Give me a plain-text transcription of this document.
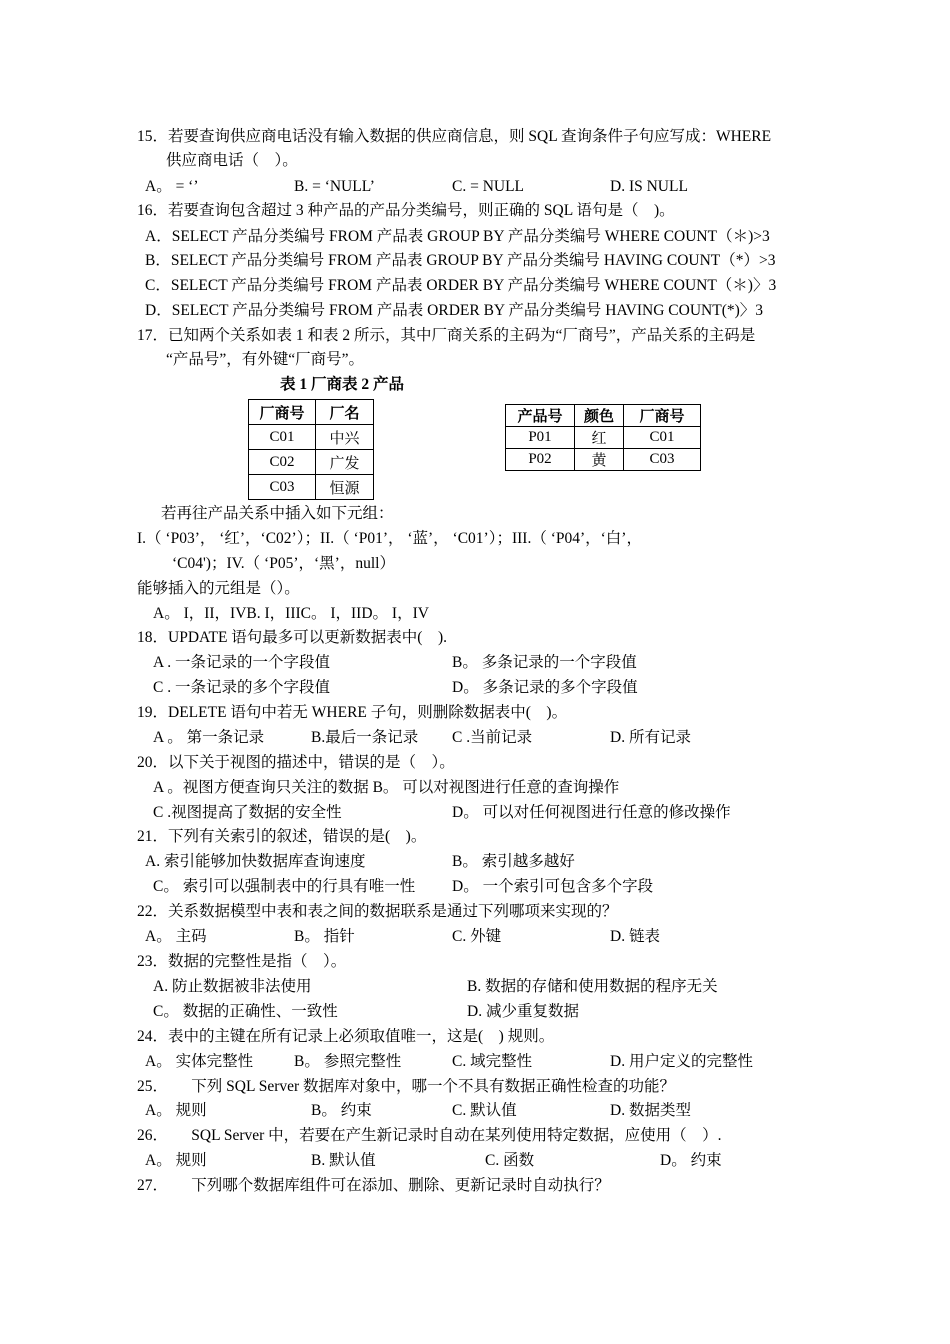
15．若要查询供应商电话没有输入数据的供应商信息，则 SQL 查询条件子句应写成：WHERE
供应商电话（　）。
A。 = ‘’	B. = ‘NULL’	C. = NULL	D. IS NULL
16．若要查询包含超过 3 种产品的产品分类编号，则正确的 SQL 语句是（　)。
A．SELECT 产品分类编号 FROM 产品表 GROUP BY 产品分类编号 WHERE COUNT（＊)>3
B．SELECT 产品分类编号 FROM 产品表 GROUP BY 产品分类编号 HAVING COUNT（*）>3
C．SELECT 产品分类编号 FROM 产品表 ORDER BY 产品分类编号 WHERE COUNT（＊)〉3
D．SELECT 产品分类编号 FROM 产品表 ORDER BY 产品分类编号 HAVING COUNT(*)〉3
17．已知两个关系如表 1 和表 2 所示，其中厂商关系的主码为“厂商号”，产品关系的主码是
“产品号”，有外键“厂商号”。
表 1 厂商表 2 产品
厂商号	厂名
C01	中兴
C02	广发
C03	恒源
产品号	颜色	厂商号
P01	红	C01
P02	黄	C03
若再往产品关系中插入如下元组：
I.（ ‘P03’， ‘红’，‘C02’）；II.（ ‘P01’， ‘蓝’， ‘C01’）；III.（ ‘P04’，‘白’，
‘C04')；IV.（ ‘P05’，‘黑’，null）
能够插入的元组是（）。
A。 I，II，IVB. I，IIIC。 I，IID。 I，IV
18．UPDATE 语句最多可以更新数据表中(　).
A . 一条记录的一个字段值	B。 多条记录的一个字段值
C . 一条记录的多个字段值	D。 多条记录的多个字段值
19．DELETE 语句中若无 WHERE 子句，则删除数据表中(　)。
A 。 第一条记录	B.最后一条记录 C .当前记录	D. 所有记录
20．以下关于视图的描述中，错误的是（　）。
A 。视图方便查询只关注的数据 B。 可以对视图进行任意的查询操作
C .视图提高了数据的安全性	D。 可以对任何视图进行任意的修改操作
21．下列有关索引的叙述，错误的是(　)。
A. 索引能够加快数据库查询速度	B。 索引越多越好
C。 索引可以强制表中的行具有唯一性 D。 一个索引可包含多个字段
22．关系数据模型中表和表之间的数据联系是通过下列哪项来实现的？
A。 主码	B。 指针	C. 外键	D. 链表
23．数据的完整性是指（　）。
A. 防止数据被非法使用	B. 数据的存储和使用数据的程序无关
C。 数据的正确性、一致性	D. 减少重复数据
24．表中的主键在所有记录上必须取值唯一，这是(　) 规则。
A。 实体完整性	B。 参照完整性	C. 域完整性	D. 用户定义的完整性
25．　　下列 SQL Server 数据库对象中，哪一个不具有数据正确性检查的功能？
A。 规则	B。 约束	C. 默认值	D. 数据类型
26．　　SQL Server 中，若要在产生新记录时自动在某列使用特定数据，应使用（　）.
A。 规则	B. 默认值	C. 函数	D。 约束
27．　　下列哪个数据库组件可在添加、删除、更新记录时自动执行？
